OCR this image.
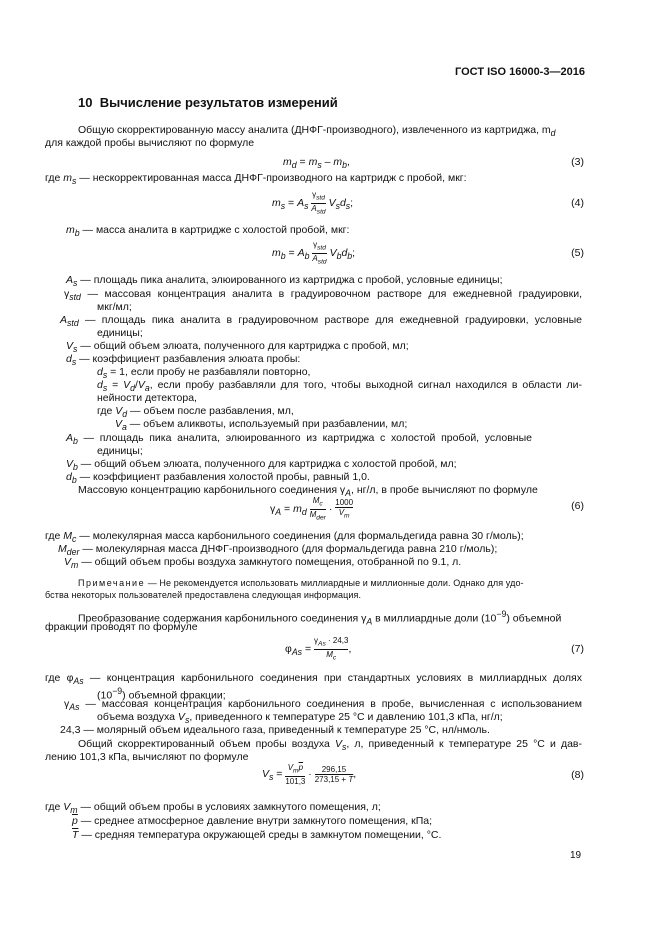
ГОСТ ISO 16000-3—2016
10 Вычисление результатов измерений
Общую скорректированную массу аналита (ДНФГ-производного), извлеченного из картриджа, $m_d$
для каждой пробы вычисляют по формуле
$m_d = m_s - m_b$,	(3)
где $m_s$ — нескорректированная масса ДНФГ-производного на картридж с пробой, мкг:
$m_s = A_s$
$\gamma_{std}$
$A_{std}$
$V_sd_s$;	(4)
$m_b$ — масса аналита в картридже с холостой пробой, мкг:
$m_b = A_b$
$\gamma_{std}$
$A_{std}$
$V_bd_b$;	(5)
$A_s$ — площадь пика аналита, элюированного из картриджа с пробой, условные единицы;
$\gamma_{std}$ — массовая концентрация аналита в градуировочном растворе для ежедневной градуировки,
мкг/мл;
$A_{std}$ — площадь пика аналита в градуировочном растворе для ежедневной градуировки, условные
единицы;
$V_s$ — общий объем элюата, полученного для картриджа с пробой, мл;
$d_s$ — коэффициент разбавления элюата пробы:
$d_s = 1$, если пробу не разбавляли повторно,
$d_s = V_d/V_a$, если пробу разбавляли для того, чтобы выходной сигнал находился в области ли-
нейности детектора,
где $V_d$ — объем после разбавления, мл,
$V_a$ — объем аликвоты, используемый при разбавлении, мл;
$A_b$ — площадь пика аналита, элюированного из картриджа с холостой пробой, условные
единицы;
$V_b$ — общий объем элюата, полученного для картриджа с холостой пробой, мл;
$d_b$ — коэффициент разбавления холостой пробы, равный 1,0.
Массовую концентрацию карбонильного соединения $\gamma_A$, нг/л, в пробе вычисляют по формуле
$\gamma_A = m_d$
$M_c$
$M_{der}$
· $\frac{1000}{V_m}$	(6)
где $M_c$ — молекулярная масса карбонильного соединения (для формальдегида равна 30 г/моль);
$M_{der}$ — молекулярная масса ДНФГ-производного (для формальдегида равна 210 г/моль);
$V_m$ — общий объем пробы воздуха замкнутого помещения, отобранной по 9.1, л.
Примечание — Не рекомендуется использовать миллиардные и миллионные доли. Однако для удо-
бства некоторых пользователей предоставлена следующая информация.
Преобразование содержания карбонильного соединения $\gamma_A$ в миллиардные доли $(10^{-9})$ объемной
фракции проводят по формуле
$\varphi_{As}$ =
$\gamma_{As} \cdot 24,3$
$M_c$
,	(7)
где $\varphi_{As}$ — концентрация карбонильного соединения при стандартных условиях в миллиардных долях
$(10^{-9})$ объемной фракции;
$\gamma_{As}$ — массовая концентрация карбонильного соединения в пробе, вычисленная с использованием
объема воздуха $V_s$, приведенного к температуре 25 °С и давлению 101,3 кПа, нг/л;
24,3 — молярный объем идеального газа, приведенный к температуре 25 °C, нл/нмоль.
Общий скорректированный объем пробы воздуха $V_s$, л, приведенный к температуре 25 °С и дав-
лению 101,3 кПа, вычисляют по формуле
$V_s$ =
$V_m\overline{p}$
101,3
· $\frac{296,15}{273,15 + \overline{T}}$ ,	(8)
где $V_m$ — общий объем пробы в условиях замкнутого помещения, л;
$\overline{p}$ — среднее атмосферное давление внутри замкнутого помещения, кПа;
$\overline{T}$ — средняя температура окружающей среды в замкнутом помещении, °С.
19
